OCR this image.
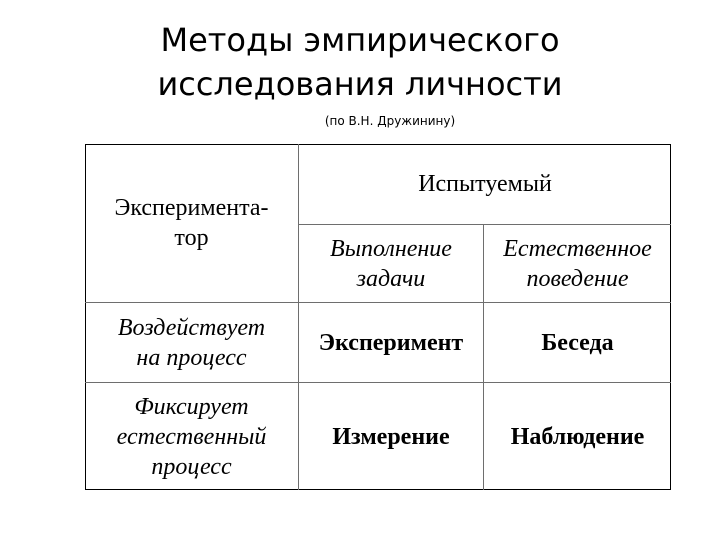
Методы эмпирического
исследования личности
(по В.Н. Дружинину)
Эксперимента-
тор
Испытуемый
Выполнение
задачи
Естественное
поведение
Воздействует
на процесс
Эксперимент	Беседа
Фиксирует
естественный
процесс
Измерение	Наблюдение
